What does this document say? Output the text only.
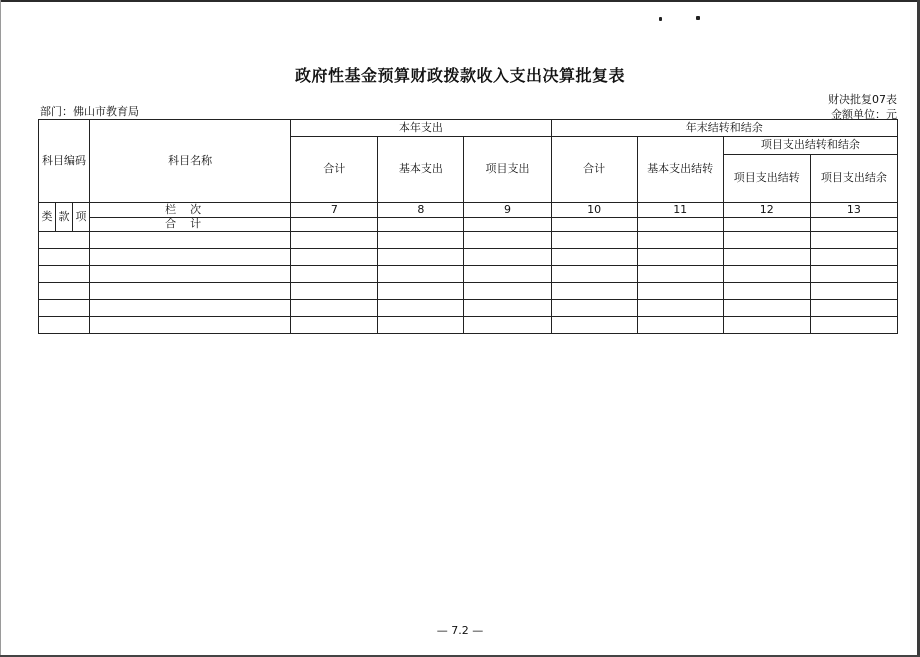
政府性基金预算财政拨款收入支出决算批复表
部门：佛山市教育局
财决批复07表
金额单位：元
科目编码			科目名称	本年支出			年末结转和结余			
				合计	基本支出	项目支出	合计	基本支出结转	项目支出结转和结余	
									项目支出结转	项目支出结余
类	款	项	栏次	7	8	9	10	11	12	13
			合计							

— 7.2 —
